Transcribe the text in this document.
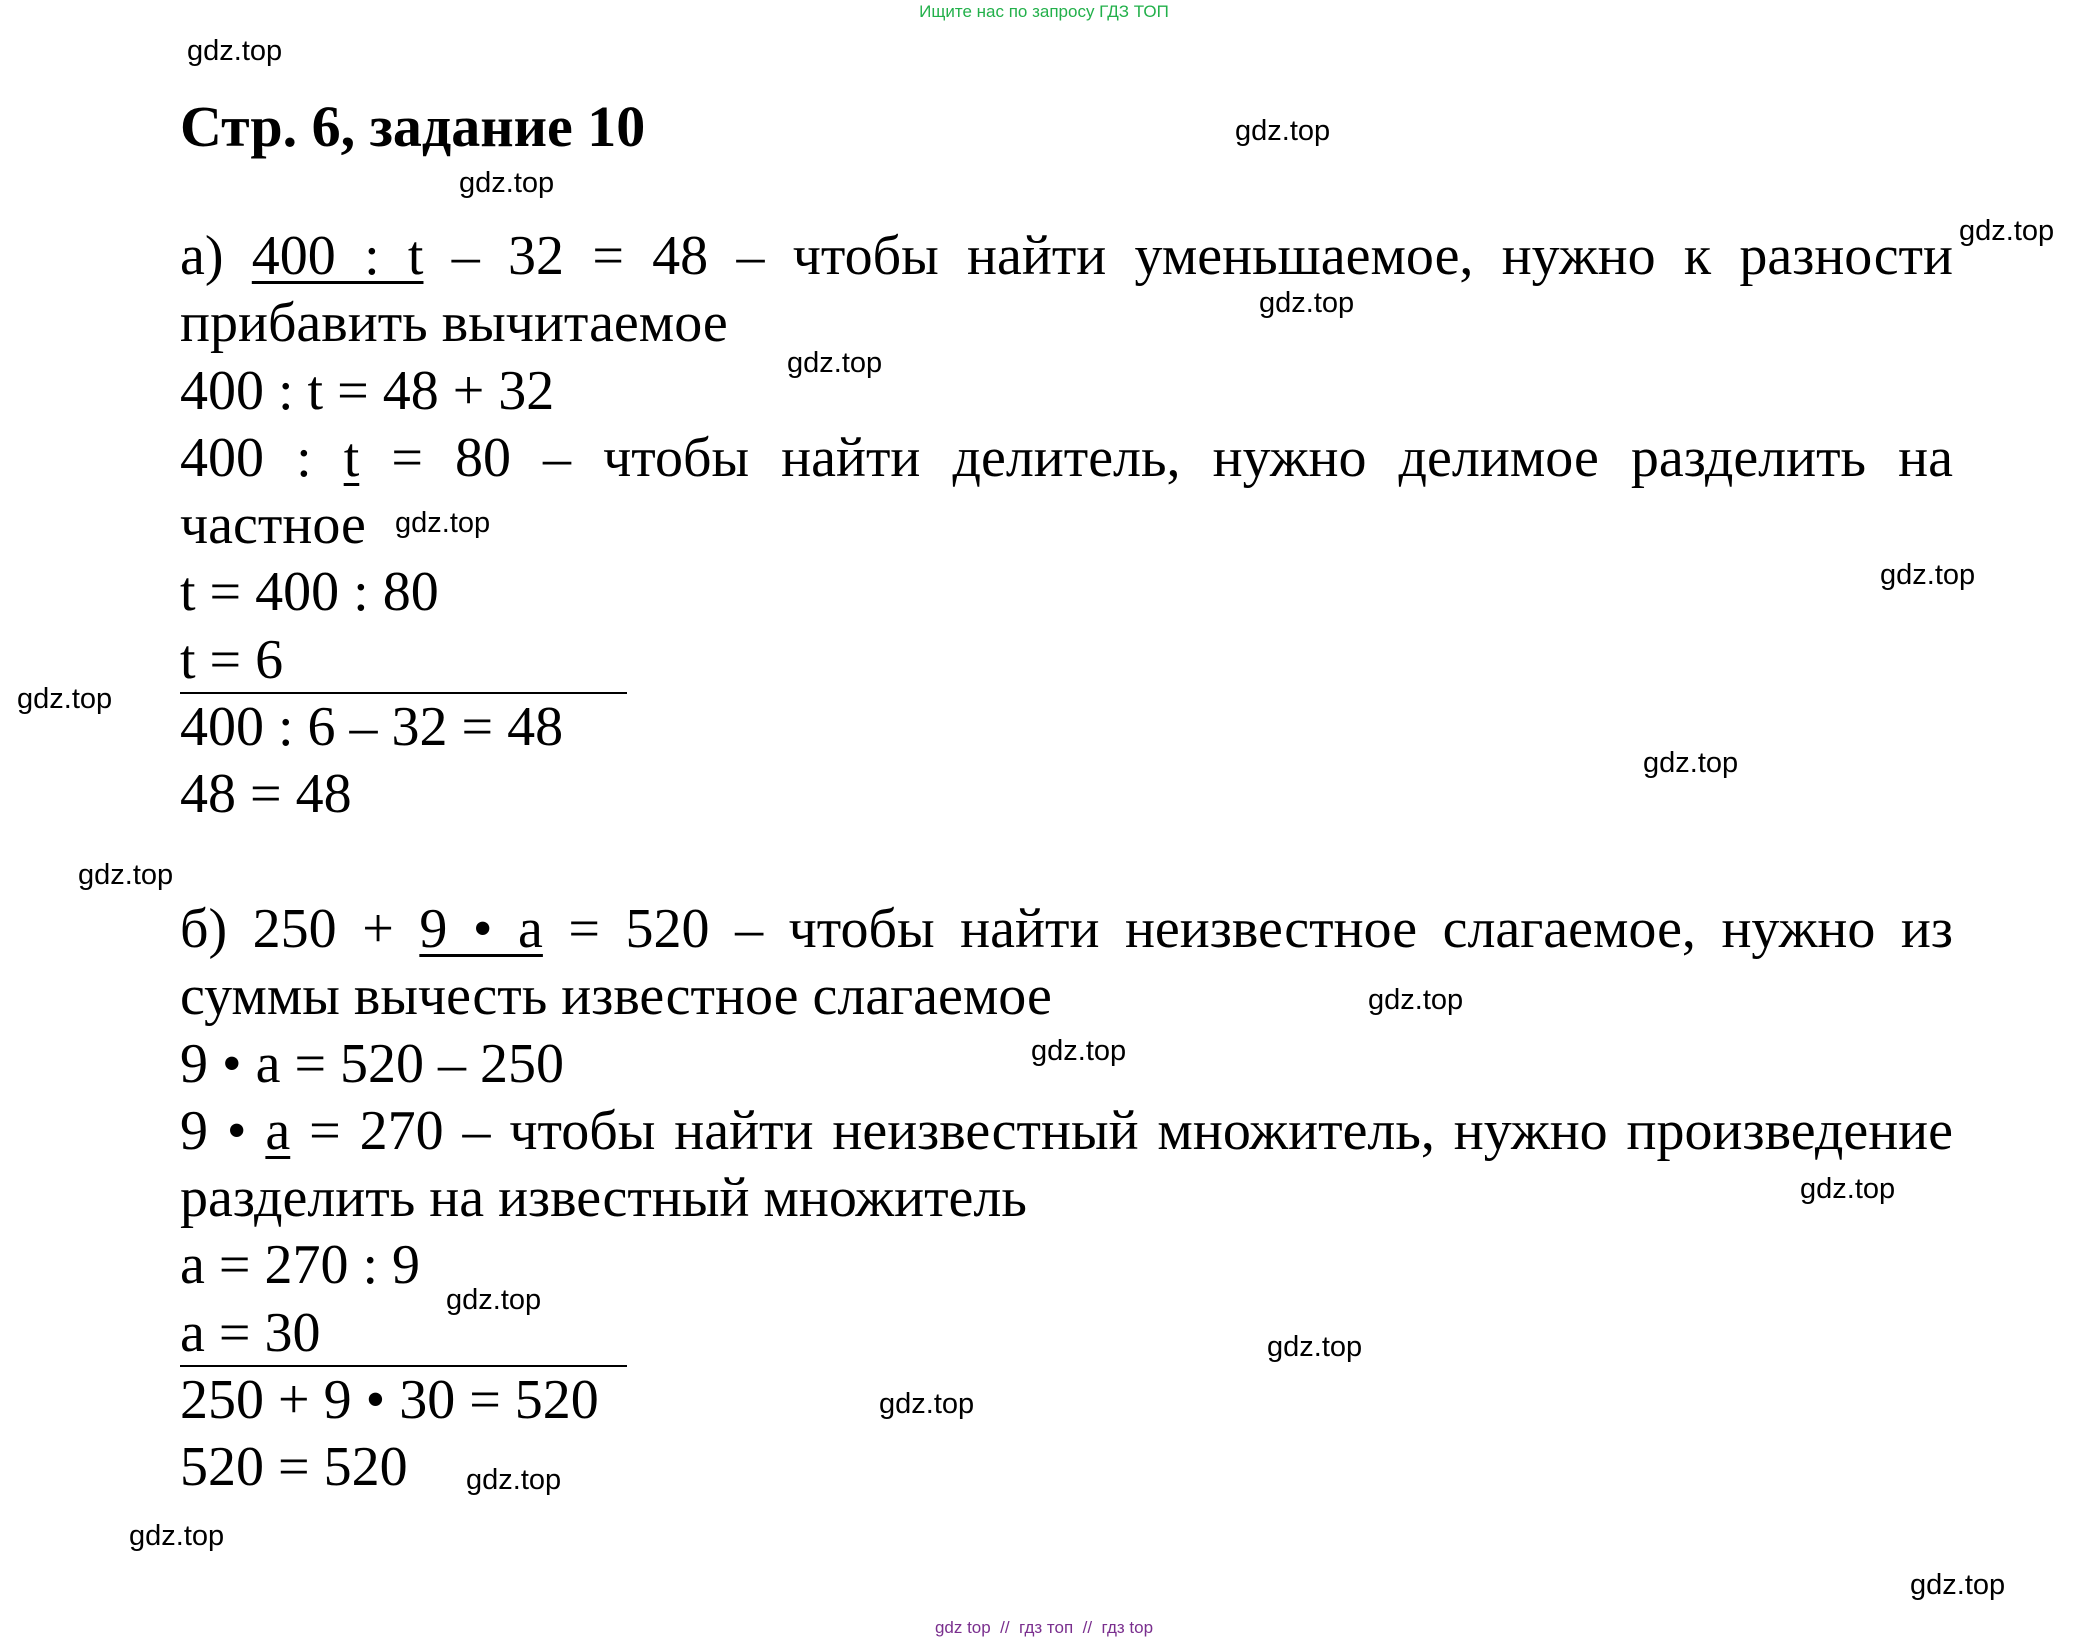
Ищите нас по запросу ГДЗ ТОП
Стр. 6, задание 10
а) 400 : t – 32 = 48 – чтобы найти уменьшаемое, нужно к разности
прибавить вычитаемое
400 : t = 48 + 32
400 : t = 80 – чтобы найти делитель, нужно делимое разделить на
частное
t = 400 : 80
t = 6
400 : 6 – 32 = 48
48 = 48
б) 250 + 9 • а = 520 – чтобы найти неизвестное слагаемое, нужно из
суммы вычесть известное слагаемое
9 • а = 520 – 250
9 • а = 270 – чтобы найти неизвестный множитель, нужно произведение
разделить на известный множитель
а = 270 : 9
а = 30
250 + 9 • 30 = 520
520 = 520
gdz.top
gdz.top
gdz.top
gdz.top
gdz.top
gdz.top
gdz.top
gdz.top
gdz.top
gdz.top
gdz.top
gdz.top
gdz.top
gdz.top
gdz.top
gdz.top
gdz.top
gdz.top
gdz.top
gdz.top
gdz top  //  гдз топ  //  гдз top
